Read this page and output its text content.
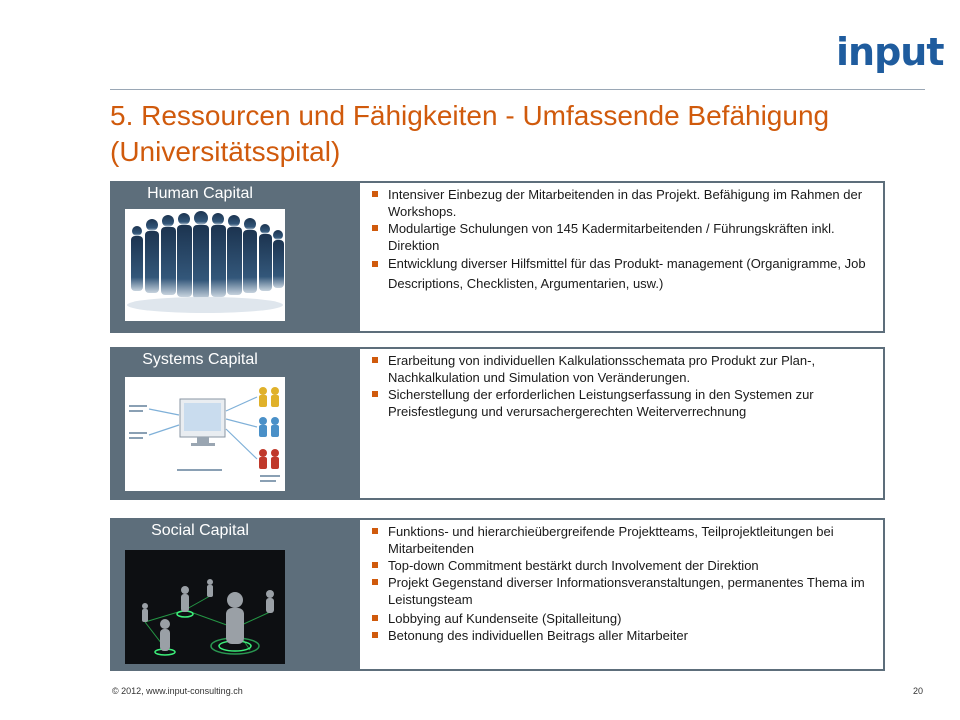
input
5. Ressourcen und Fähigkeiten - Umfassende Befähigung (Universitätsspital)
Human Capital	Intensiver Einbezug der Mitarbeitenden in das Projekt. Befähigung im Rahmen der Workshops.
Modulartige Schulungen von 145 Kadermitarbeitenden / Führungskräften inkl. Direktion
Entwicklung diverser Hilfsmittel für das Produkt- management (Organigramme, Job Descriptions, Checklisten, Argumentarien, usw.)
Systems Capital	Erarbeitung von individuellen Kalkulationsschemata pro Produkt zur Plan-, Nachkalkulation und Simulation von Veränderungen.
Sicherstellung der erforderlichen Leistungserfassung in den Systemen zur Preisfestlegung und verursachergerechten Weiterverrechnung
Social Capital	Funktions- und hierarchieübergreifende Projektteams, Teilprojektleitungen bei Mitarbeitenden
Top-down Commitment bestärkt durch Involvement der Direktion
Projekt Gegenstand diverser Informationsveranstaltungen, permanentes Thema im Leistungsteam
Lobbying auf Kundenseite (Spitalleitung)
Betonung des individuellen Beitrags aller Mitarbeiter
© 2012, www.input-consulting.ch	20
